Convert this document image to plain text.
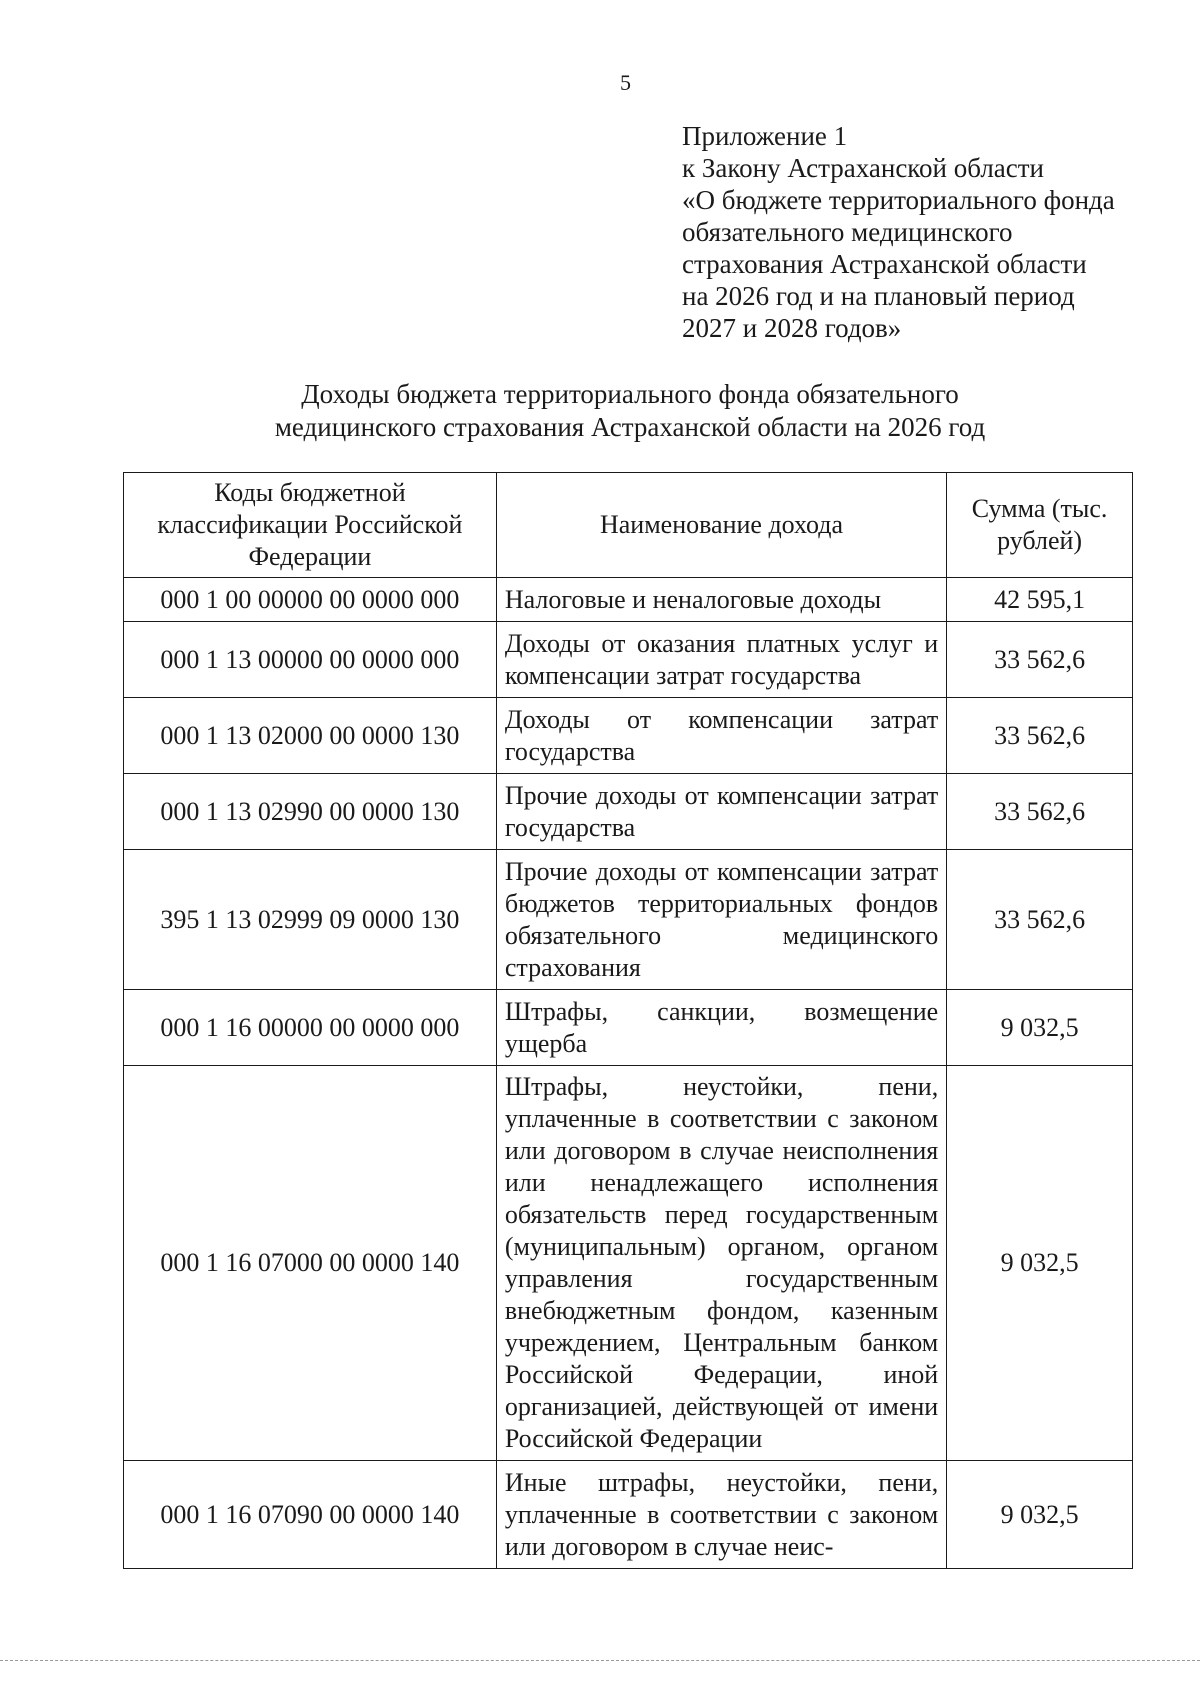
5
Приложение 1
к Закону Астраханской области
«О бюджете территориального фонда
обязательного медицинского
страхования Астраханской области
на 2026 год и на плановый период
2027 и 2028 годов»
Доходы бюджета территориального фонда обязательного
медицинского страхования Астраханской области на 2026 год
Коды бюджетной классификации Российской Федерации	Наименование дохода	Сумма (тыс. рублей)
000 1 00 00000 00 0000 000	Налоговые и неналоговые доходы	42 595,1
000 1 13 00000 00 0000 000	Доходы от оказания платных услуг и компенсации затрат государства	33 562,6
000 1 13 02000 00 0000 130	Доходы от компенсации затрат государства	33 562,6
000 1 13 02990 00 0000 130	Прочие доходы от компенсации затрат государства	33 562,6
395 1 13 02999 09 0000 130	Прочие доходы от компенсации затрат бюджетов территориальных фондов обязательного медицинского страхования	33 562,6
000 1 16 00000 00 0000 000	Штрафы, санкции, возмещение ущерба	9 032,5
000 1 16 07000 00 0000 140	Штрафы, неустойки, пени, уплаченные в соответствии с законом или договором в случае неисполнения или ненадлежащего исполнения обязательств перед государственным (муниципальным) органом, органом управления государственным внебюджетным фондом, казенным учреждением, Центральным банком Российской Федерации, иной организацией, действующей от имени Российской Федерации	9 032,5
000 1 16 07090 00 0000 140	Иные штрафы, неустойки, пени, уплаченные в соответствии с законом или договором в случае неис-	9 032,5
